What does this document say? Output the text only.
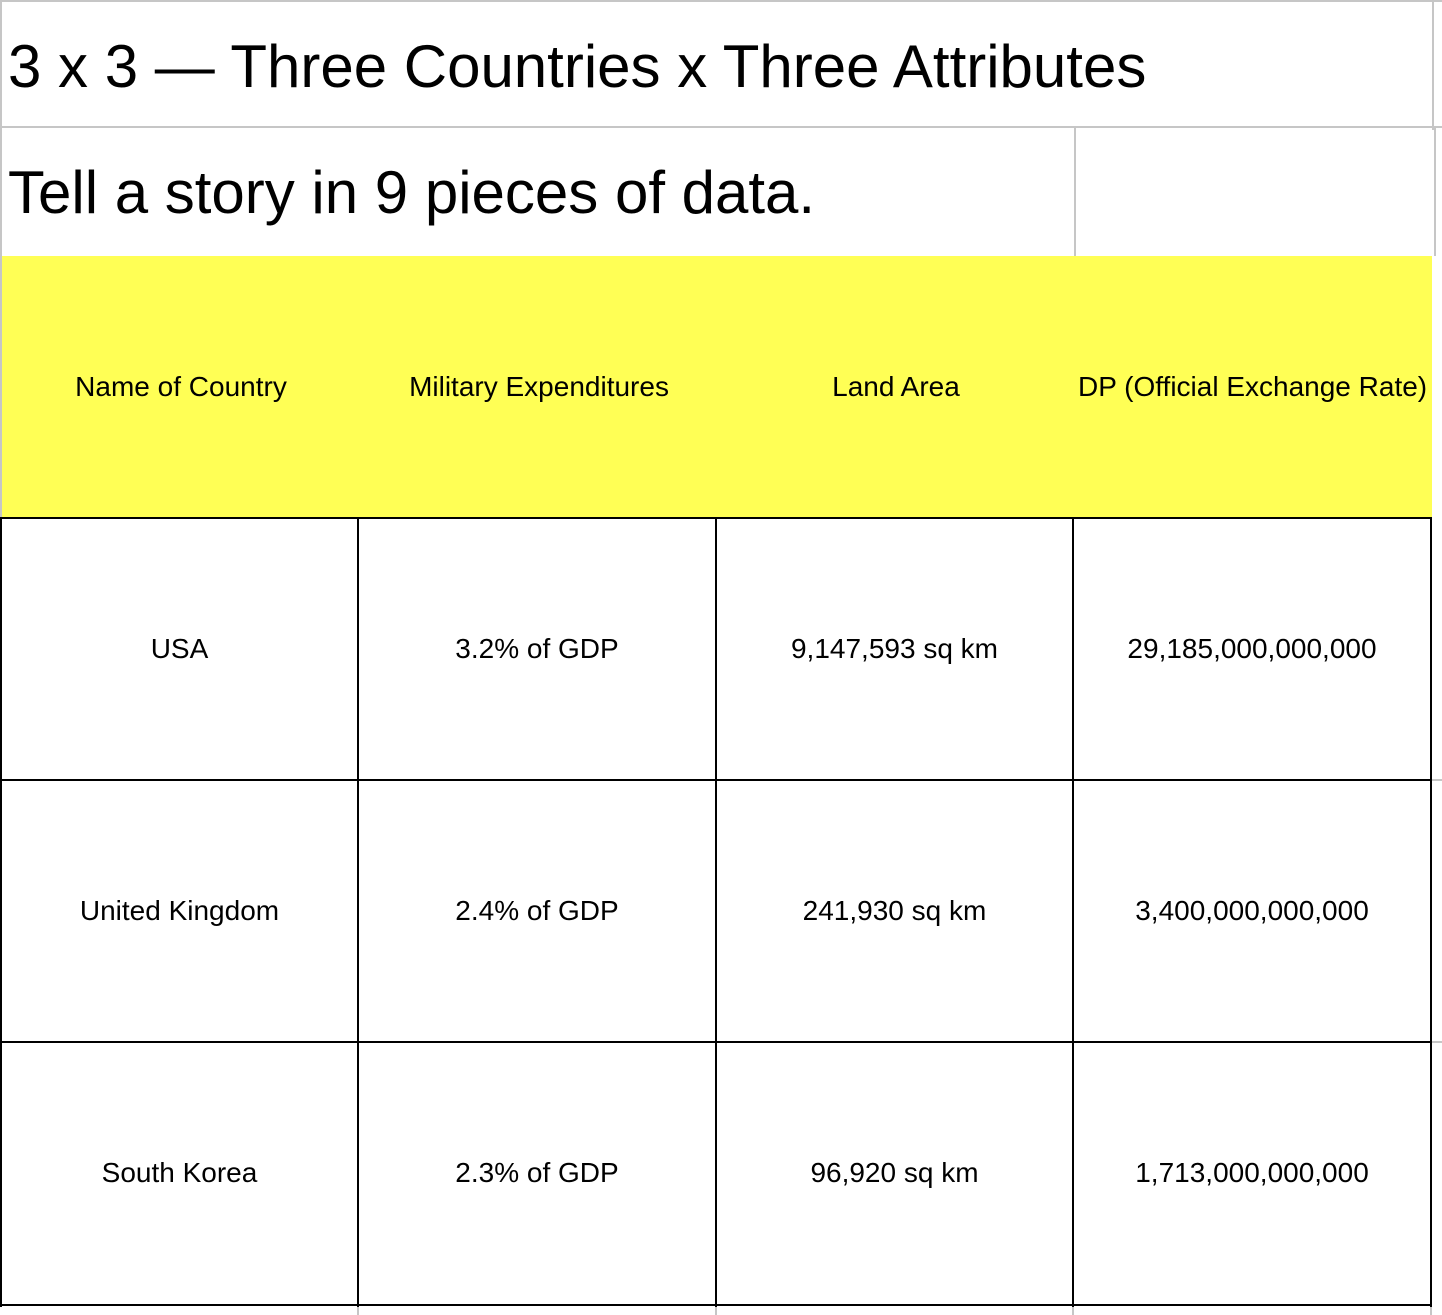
3 x 3 — Three Countries x Three Attributes
Tell a story in 9 pieces of data.
Name of Country	Military Expenditures	Land Area	DP (Official Exchange Rate)
USA	3.2% of GDP	9,147,593 sq km	29,185,000,000,000
United Kingdom	2.4% of GDP	241,930 sq km	3,400,000,000,000
South Korea	2.3% of GDP	96,920 sq km	1,713,000,000,000
